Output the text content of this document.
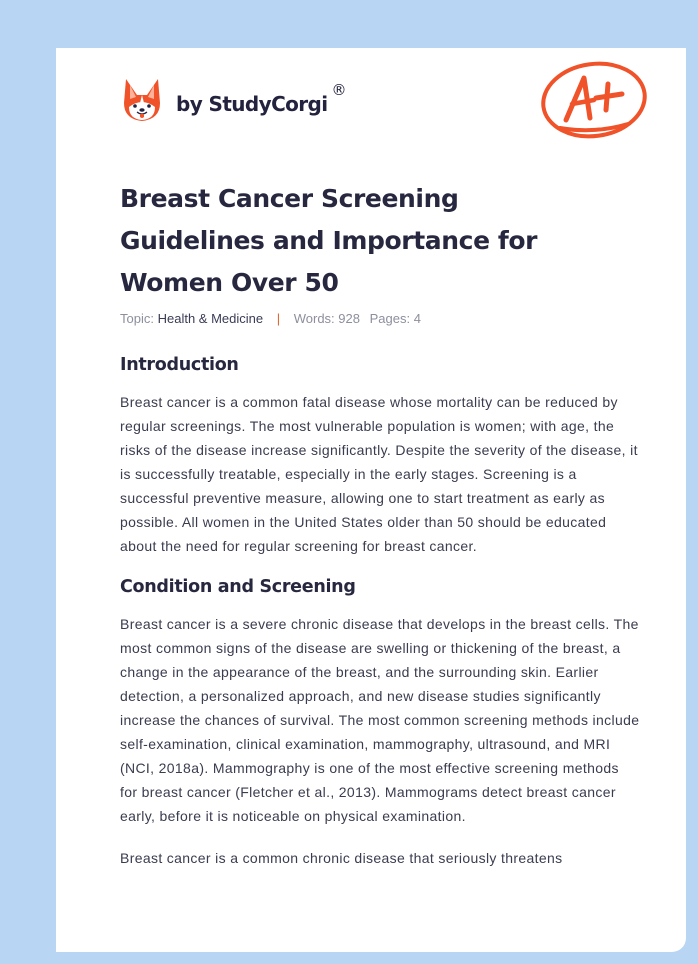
by StudyCorgi
®
Breast Cancer Screening Guidelines and Importance for Women Over 50
Topic: Health & Medicine | Words: 928 Pages: 4
Introduction

Breast cancer is a common fatal disease whose mortality can be reduced by regular screenings. The most vulnerable population is women; with age, the risks of the disease increase significantly. Despite the severity of the disease, it is successfully treatable, especially in the early stages. Screening is a successful preventive measure, allowing one to start treatment as early as possible. All women in the United States older than 50 should be educated about the need for regular screening for breast cancer.

Condition and Screening

Breast cancer is a severe chronic disease that develops in the breast cells. The most common signs of the disease are swelling or thickening of the breast, a change in the appearance of the breast, and the surrounding skin. Earlier detection, a personalized approach, and new disease studies significantly increase the chances of survival. The most common screening methods include self-examination, clinical examination, mammography, ultrasound, and MRI (NCI, 2018a). Mammography is one of the most effective screening methods for breast cancer (Fletcher et al., 2013). Mammograms detect breast cancer early, before it is noticeable on physical examination.

Breast cancer is a common chronic disease that seriously threatens
